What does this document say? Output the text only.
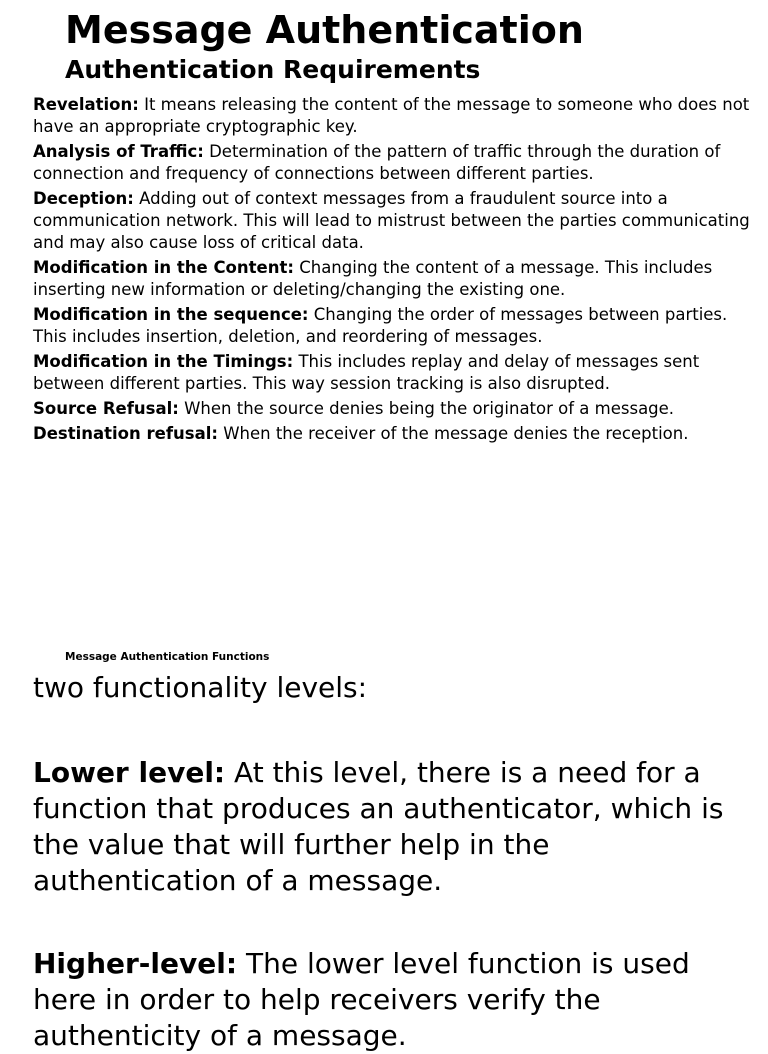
Message Authentication
Authentication Requirements
Revelation: It means releasing the content of the message to someone who does not have an appropriate cryptographic key.
Analysis of Traffic: Determination of the pattern of traffic through the duration of connection and frequency of connections between different parties.
Deception: Adding out of context messages from a fraudulent source into a communication network. This will lead to mistrust between the parties communicating and may also cause loss of critical data.
Modification in the Content: Changing the content of a message. This includes inserting new information or deleting/changing the existing one.
Modification in the sequence: Changing the order of messages between parties. This includes insertion, deletion, and reordering of messages.
Modification in the Timings: This includes replay and delay of messages sent between different parties. This way session tracking is also disrupted.
Source Refusal: When the source denies being the originator of a message.
Destination refusal: When the receiver of the message denies the reception.
Message Authentication Functions

two functionality levels:

Lower level: At this level, there is a need for a function that produces an authenticator, which is the value that will further help in the authentication of a message.

Higher-level: The lower level function is used here in order to help receivers verify the authenticity of a message.
